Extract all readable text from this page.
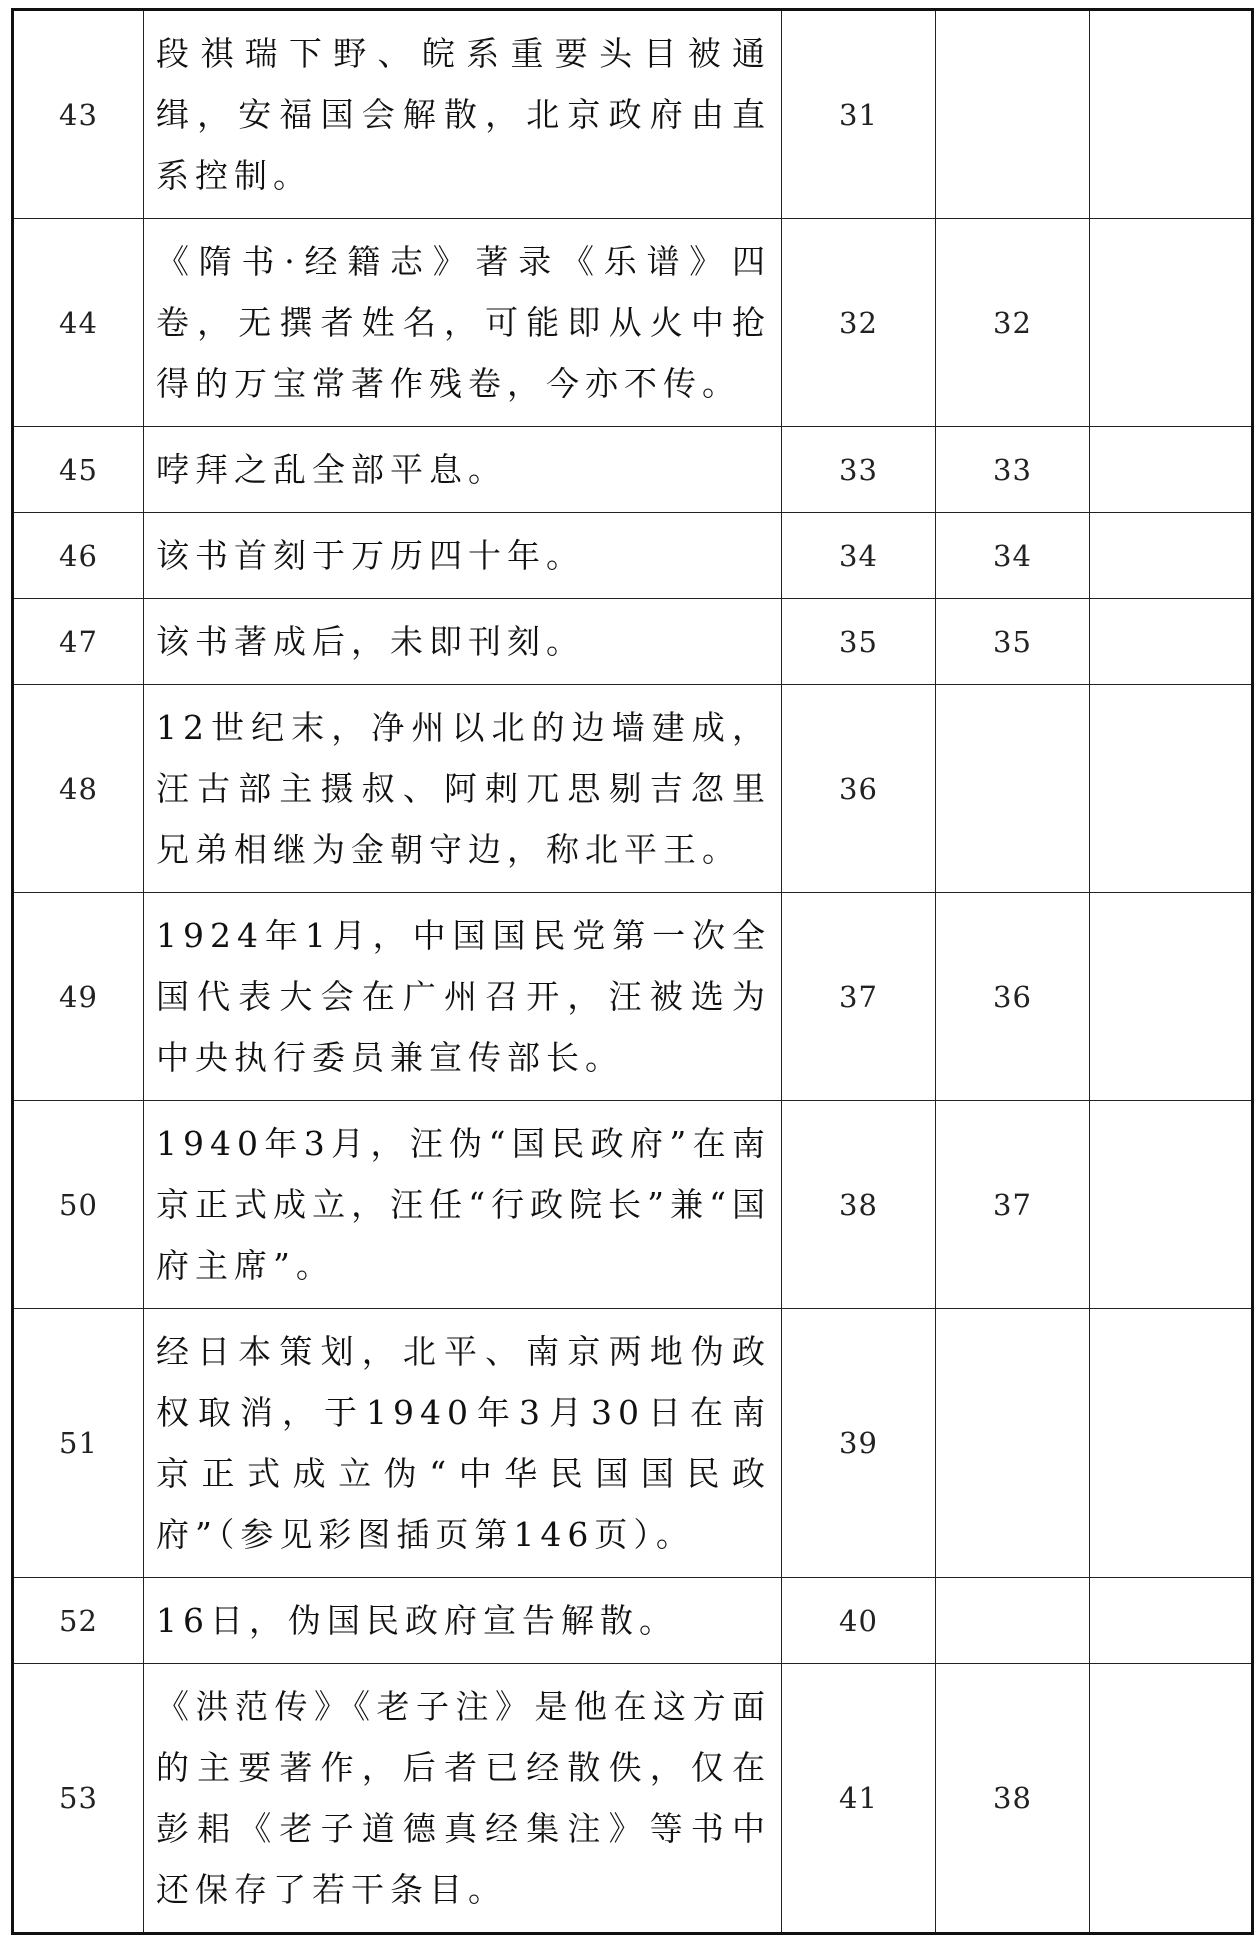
43	段祺瑞下野、皖系重要头目被通缉，安福国会解散，北京政府由直系控制。	31		
44	《隋书·经籍志》著录《乐谱》四卷，无撰者姓名，可能即从火中抢得的万宝常著作残卷，今亦不传。	32	32	
45	哱拜之乱全部平息。	33	33	
46	该书首刻于万历四十年。	34	34	
47	该书著成后，未即刊刻。	35	35	
48	12世纪末，净州以北的边墙建成，汪古部主摄叔、阿剌兀思剔吉忽里兄弟相继为金朝守边，称北平王。	36		
49	1924年1月，中国国民党第一次全国代表大会在广州召开，汪被选为中央执行委员兼宣传部长。	37	36	
50	1940年3月，汪伪“国民政府”在南京正式成立，汪任“行政院长”兼“国府主席”。	38	37	
51	经日本策划，北平、南京两地伪政权取消，于1940年3月30日在南京正式成立伪“中华民国国民政府”（参见彩图插页第146页）。	39		
52	16日，伪国民政府宣告解散。	40		
53	《洪范传》《老子注》是他在这方面的主要著作，后者已经散佚，仅在彭耜《老子道德真经集注》等书中还保存了若干条目。	41	38	
